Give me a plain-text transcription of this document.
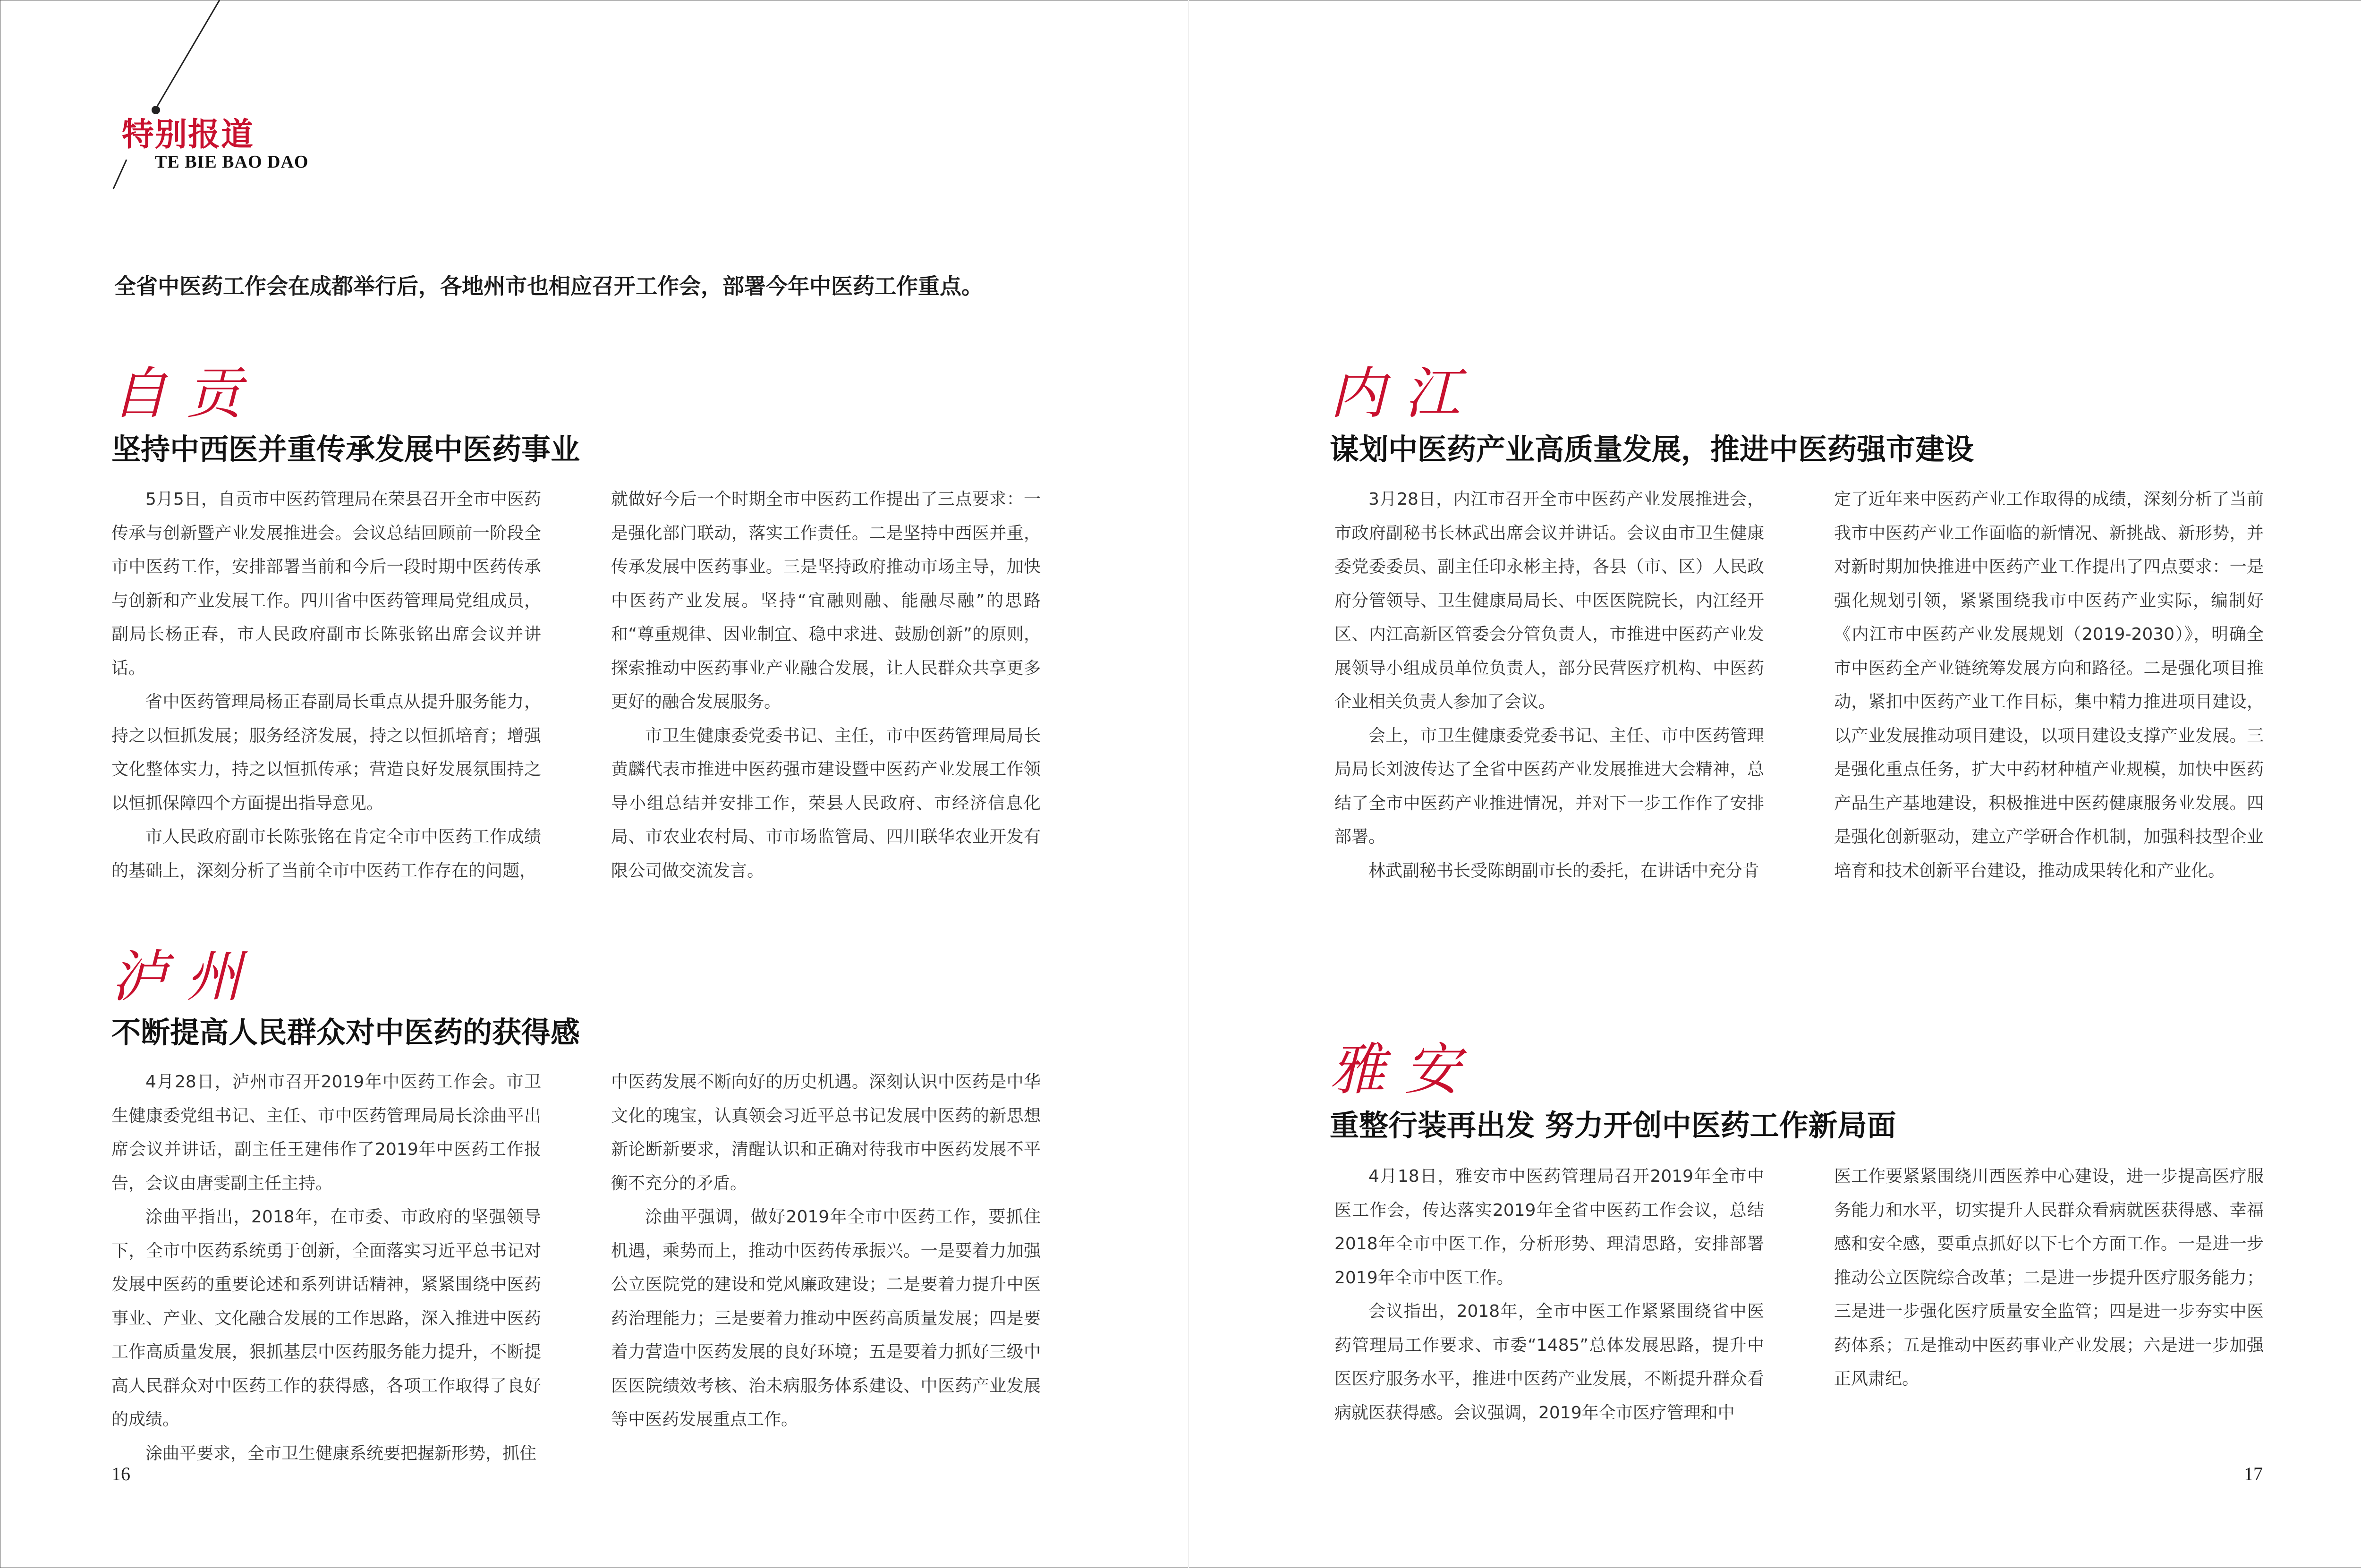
特别报道
TE BIE BAO DAO
全省中医药工作会在成都举行后，各地州市也相应召开工作会，部署今年中医药工作重点。
自贡
坚持中西医并重传承发展中医药事业

5月5日，自贡市中医药管理局在荣县召开全市中医药传承与创新暨产业发展推进会。会议总结回顾前一阶段全市中医药工作，安排部署当前和今后一段时期中医药传承与创新和产业发展工作。四川省中医药管理局党组成员，副局长杨正春，市人民政府副市长陈张铭出席会议并讲话。

省中医药管理局杨正春副局长重点从提升服务能力，持之以恒抓发展；服务经济发展，持之以恒抓培育；增强文化整体实力，持之以恒抓传承；营造良好发展氛围持之以恒抓保障四个方面提出指导意见。

市人民政府副市长陈张铭在肯定全市中医药工作成绩的基础上，深刻分析了当前全市中医药工作存在的问题，

就做好今后一个时期全市中医药工作提出了三点要求：一是强化部门联动，落实工作责任。二是坚持中西医并重，传承发展中医药事业。三是坚持政府推动市场主导，加快中医药产业发展。坚持“宜融则融、能融尽融”的思路和“尊重规律、因业制宜、稳中求进、鼓励创新”的原则，探索推动中医药事业产业融合发展，让人民群众共享更多更好的融合发展服务。

市卫生健康委党委书记、主任，市中医药管理局局长黄麟代表市推进中医药强市建设暨中医药产业发展工作领导小组总结并安排工作，荣县人民政府、市经济信息化局、市农业农村局、市市场监管局、四川联华农业开发有限公司做交流发言。

泸州
不断提高人民群众对中医药的获得感

4月28日，泸州市召开2019年中医药工作会。市卫生健康委党组书记、主任、市中医药管理局局长涂曲平出席会议并讲话，副主任王建伟作了2019年中医药工作报告，会议由唐雯副主任主持。

涂曲平指出，2018年，在市委、市政府的坚强领导下，全市中医药系统勇于创新，全面落实习近平总书记对发展中医药的重要论述和系列讲话精神，紧紧围绕中医药事业、产业、文化融合发展的工作思路，深入推进中医药工作高质量发展，狠抓基层中医药服务能力提升，不断提高人民群众对中医药工作的获得感，各项工作取得了良好的成绩。

涂曲平要求，全市卫生健康系统要把握新形势，抓住

中医药发展不断向好的历史机遇。深刻认识中医药是中华文化的瑰宝，认真领会习近平总书记发展中医药的新思想新论断新要求，清醒认识和正确对待我市中医药发展不平衡不充分的矛盾。

涂曲平强调，做好2019年全市中医药工作，要抓住机遇，乘势而上，推动中医药传承振兴。一是要着力加强公立医院党的建设和党风廉政建设；二是要着力提升中医药治理能力；三是要着力推动中医药高质量发展；四是要着力营造中医药发展的良好环境；五是要着力抓好三级中医医院绩效考核、治未病服务体系建设、中医药产业发展等中医药发展重点工作。

内江
谋划中医药产业高质量发展，推进中医药强市建设

3月28日，内江市召开全市中医药产业发展推进会，市政府副秘书长林武出席会议并讲话。会议由市卫生健康委党委委员、副主任印永彬主持，各县（市、区）人民政府分管领导、卫生健康局局长、中医医院院长，内江经开区、内江高新区管委会分管负责人，市推进中医药产业发展领导小组成员单位负责人，部分民营医疗机构、中医药企业相关负责人参加了会议。

会上，市卫生健康委党委书记、主任、市中医药管理局局长刘波传达了全省中医药产业发展推进大会精神，总结了全市中医药产业推进情况，并对下一步工作作了安排部署。

林武副秘书长受陈朗副市长的委托，在讲话中充分肯

定了近年来中医药产业工作取得的成绩，深刻分析了当前我市中医药产业工作面临的新情况、新挑战、新形势，并对新时期加快推进中医药产业工作提出了四点要求：一是强化规划引领，紧紧围绕我市中医药产业实际，编制好《内江市中医药产业发展规划（2019-2030）》，明确全市中医药全产业链统筹发展方向和路径。二是强化项目推动，紧扣中医药产业工作目标，集中精力推进项目建设，以产业发展推动项目建设，以项目建设支撑产业发展。三是强化重点任务，扩大中药材种植产业规模，加快中医药产品生产基地建设，积极推进中医药健康服务业发展。四是强化创新驱动，建立产学研合作机制，加强科技型企业培育和技术创新平台建设，推动成果转化和产业化。

雅安
重整行装再出发 努力开创中医药工作新局面

4月18日，雅安市中医药管理局召开2019年全市中医工作会，传达落实2019年全省中医药工作会议，总结2018年全市中医工作，分析形势、理清思路，安排部署2019年全市中医工作。

会议指出，2018年，全市中医工作紧紧围绕省中医药管理局工作要求、市委“1485”总体发展思路，提升中医医疗服务水平，推进中医药产业发展，不断提升群众看病就医获得感。会议强调，2019年全市医疗管理和中

医工作要紧紧围绕川西医养中心建设，进一步提高医疗服务能力和水平，切实提升人民群众看病就医获得感、幸福感和安全感，要重点抓好以下七个方面工作。一是进一步推动公立医院综合改革；二是进一步提升医疗服务能力；三是进一步强化医疗质量安全监管；四是进一步夯实中医药体系；五是推动中医药事业产业发展；六是进一步加强正风肃纪。

16	17
